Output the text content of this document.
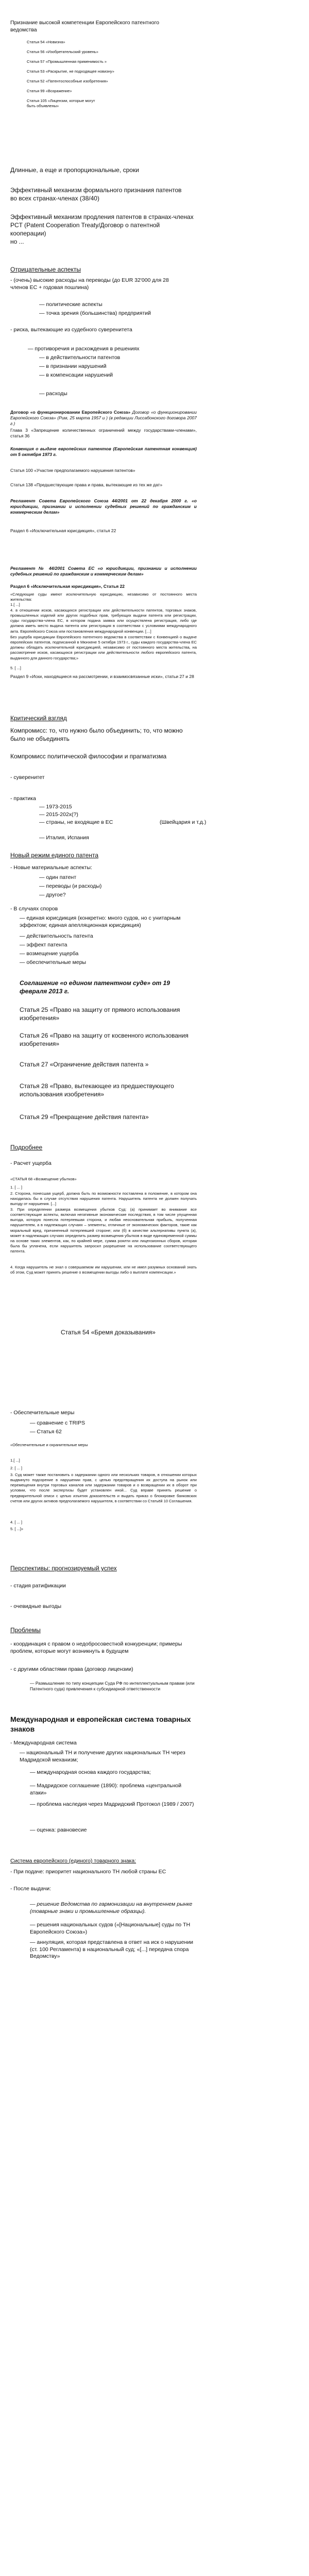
Признание высокой компетенции Европейского патентного ведомства
Статья 54 «Новизна»
Статья 56 «Изобретательский уровень»
Статья 57 «Промышленная применимость »
Статья 53 «Раскрытие, не подходящее новизну»
Статья 52 «Патентоспособные изобретения»
Статья 99 «Возражение»
Статья 105 «Лицензии, которые могут быть объявлены»
Длинные, а еще и пропорциональные, сроки
Эффективный механизм формального признания патентов во всех странах-членах (38/40)
Эффективный механизм продления патентов в странах-членах PCT (Patent Cooperation Treaty/Договор о патентной кооперации)
но ...
Отрицательные аспекты
- (очень) высокие расходы на переводы (до EUR 32'000 для 28 членов ЕС + годовая пошлина)
— политические аспекты
— точка зрения (большинства) предприятий
- риска, вытекающие из судебного суверенитета
— противоречия и расхождения в решениях
— в действительности патентов
— в признании нарушений
— в компенсации нарушений
— расходы
Договор «о функционировании Европейского Союза» Договор «о функционировании Европейского Союза» (Рим, 25 марта 1957 и ) (в редакции Лиссабонского договора 2007 г.)
Глава 3 «Запрещение количественных ограничений между государствами-членами», статья 36
Конвенция о выдаче европейских патентов (Европейская патентная конвенция) от 5 октября 1973 г.
Статья 100 «Участие предполагаемого нарушения патентов»
Статья 138 «Предшествующие права и права, вытекающие из тех же дат»
Регламент Совета Европейского Союза 44/2001 от 22 декабря 2000 г. «о юрисдикции, признании и исполнении судебных решений по гражданским и коммерческим делам»
Раздел 6 «Исключительная юрисдикция», статья 22
Регламент № 44/2001 Совета ЕС «о юрисдикции, признании и исполнении судебных решений по гражданским и коммерческим делам»
Раздел 6 «Исключительная юрисдикция», Статья 22
«Следующие суды имеют исключительную юрисдикцию, независимо от постоянного места жительства:
1.[ ...]
4. в отношении исков, касающихся регистрации или действительности патентов, торговых знаков, промышленных изделий или других подобных прав, требующих выдачи патента или регистрации, суды государства-члена ЕС, в котором подана заявка или осуществлена регистрация, либо где должна иметь место выдача патента или регистрация в соответствии с условиями международного акта. Европейского Союза или постановления международной конвенции. […]
Без ущерба юрисдикции Европейского патентного ведомства в соответствии с Конвенцией о выдаче европейских патентов, подписанной в Мюнхене 5 октября 1973 г., суды каждого государства-члена ЕС должны обладать исключительной юрисдикцией, независимо от постоянного места жительства, на рассмотрение исков, касающихся регистрации или действительности любого европейского патента, выданного для данного государства;»
5. [ ...]
Раздел 9 «Иски, находящиеся на рассмотрении, и взаимосвязанные иски», статьи 27 и 28
Критический взгляд
Компромисс: то, что нужно было объединить; то, что можно было не объединять
Компромисс политической философии и прагматизма
- суверенитет
- практика
— 1973-2015
— 2015-202x(?)
— страны, не входящие в ЕС	(Швейцария и т.д.)
— Италия, Испания
Новый режим единого патента
- Новые материальные аспекты:
— один патент
— переводы (и расходы)
— другое?
- В случаях споров
— единая юрисдикция (конкретно: много судов, но с унитарным эффектом; единая апелляционная юрисдикция)
— действительность патента
— эффект патента
— возмещение ущерба
— обеспечительные меры
Соглашение «о едином патентном суде» от 19 февраля 2013 г.
Статья 25 «Право на защиту от прямого использования изобретения»
Статья 26 «Право на защиту от косвенного использования изобретения»
Статья 27 «Ограничение действия патента »
Статья 28 «Право, вытекающее из предшествующего использования изобретения»
Статья 29 «Прекращение действия патента»
Подробнее
- Расчет ущерба
«СТАТЬЯ 68 «Возмещение убытков»
1. [ ... ]
2. Сторона, понесшая ущерб, должна быть по возможности поставлена в положение, в котором она находилась бы в случае отсутствия нарушения патента. Нарушитель патента не должен получать выгоду от нарушения. [...]
3. При определении размера возмещения убытков Суд: (a) принимает во внимание все соответствующие аспекты, включая негативные экономические последствия, в том числе упущенная выгода, которую понесла потерпевшая сторона, и любая неосновательная прибыль, полученная нарушителем, а в надлежащих случаях – элементы, отличные от экономических факторов, такие как моральный вред, причиненный потерпевшей стороне; или (б) в качестве альтернативы пункта (a), может в надлежащих случаях определить размер возмещения убытков в виде единовременной суммы на основе таких элементов, как, по крайней мере, сумма роялти или лицензионных сборов, которая была бы уплачена, если нарушитель запросил разрешение на использование соответствующего патента.
4. Когда нарушитель не знал о совершаемом им нарушении, или не имел разумных оснований знать об этом, Суд может принять решение о возмещении выгоды либо о выплате компенсации.»
Статья 54 «Бремя доказывания»
- Обеспечительные меры
— сравнение с TRIPS
— Статья 62
«Обеспечительные и охранительные меры
1.[ ...]
2. [ ... ]
3. Суд может также постановить о задержании одного или нескольких товаров, в отношении которых выдвинуто подозрение в нарушении прав, с целью предотвращения их доступа на рынок или перемещения внутри торговых каналов или задержании товаров и о возвращении их в оборот при условии, что после экспертизы будет установлен иной... Суд вправе принять решение о предварительной описи с целью изъятия доказательств и выдать приказ о блокировке банковских счетов или других активов предполагаемого нарушителя, в соответствии со Статьёй 10 Соглашения.
4. [ ... ]
5. [ ...]»
Перспективы: прогнозируемый успех
- стадия ратификации
- очевидные выгоды
Проблемы
- координация с правом о недобросовестной конкуренции; примеры проблем, которые могут возникнуть в будущем
- с другими областями права (договор лицензии)
— Размышление по типу концепции Суда РФ по интеллектуальным правам (или Патентного суда) привлечения к субсидиарной ответственности
Международная и европейская система товарных знаков
- Международная система
— национальный ТН и получение других национальных ТН через Мадридской механизм;
— международная основа каждого государства;
— Мадридское соглашение (1890): проблема «центральной атаки»
— проблема наследия через Мадридский Протокол (1989 / 2007)
— оценка: равновесие
Система европейского (единого) товарного знака:
- При подаче: приоритет национального ТН любой страны ЕС
- После выдачи:
— решение Ведомства по гармонизации на внутреннем рынке (товарные знаки и промышленные образцы).
— решения национальных судов («[Национальные] суды по ТН Европейского Союза»)
— аннуляция, которая представлена в ответ на иск о нарушении (ст. 100 Регламента) в национальный суд; «[...] передача спора Ведомству»
